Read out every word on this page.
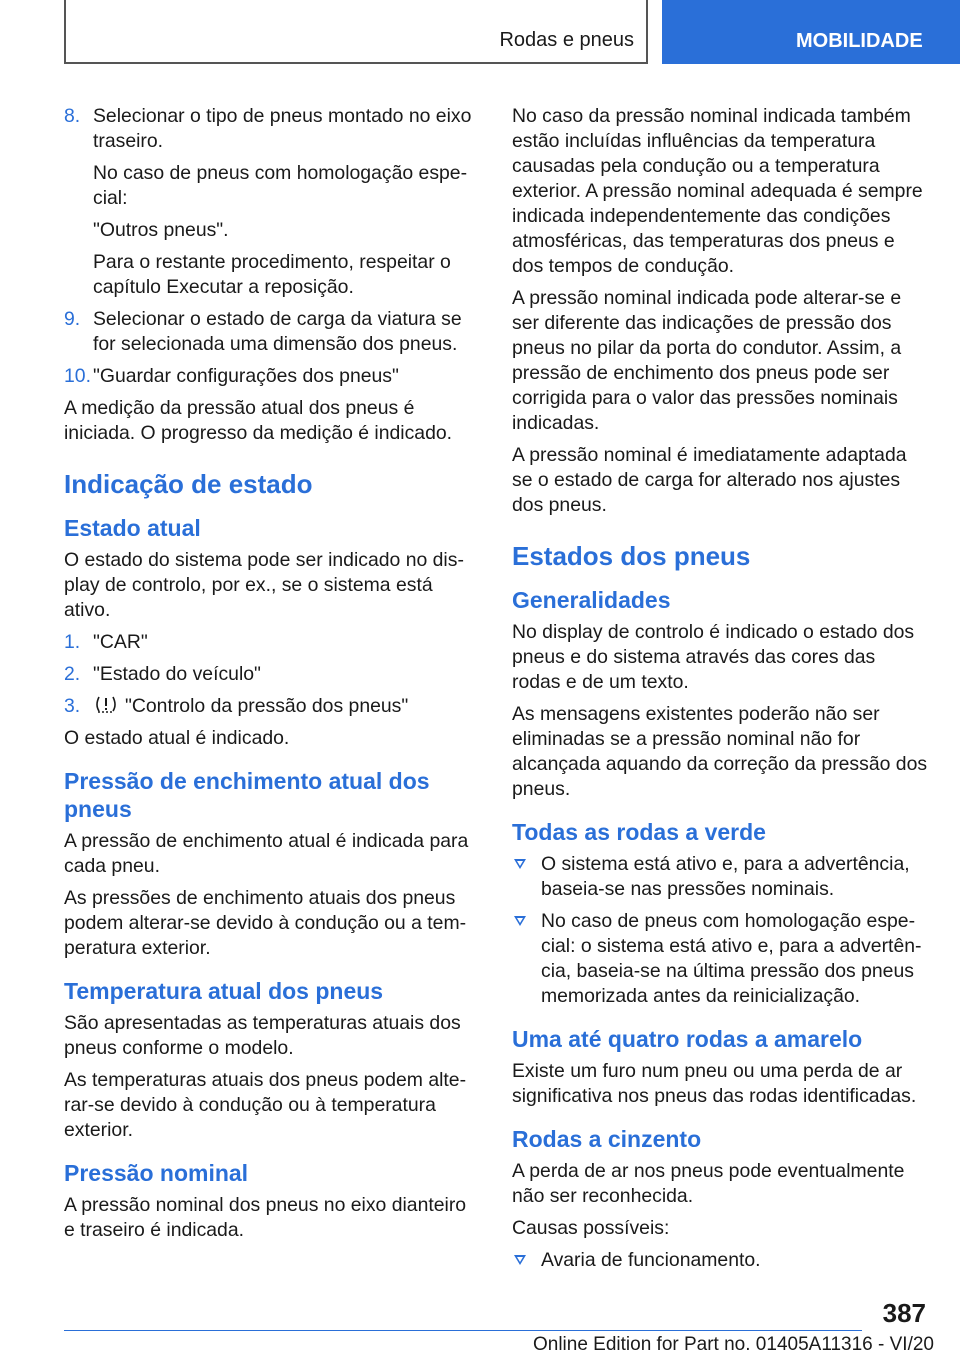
Rodas e pneus	MOBILIDADE
8. Selecionar o tipo de pneus montado no eixo traseiro.

No caso de pneus com homologação especial:

"Outros pneus".

Para o restante procedimento, respeitar o capítulo Executar a reposição.

9. Selecionar o estado de carga da viatura se for selecionada uma dimensão dos pneus.

10. "Guardar configurações dos pneus"

A medição da pressão atual dos pneus é iniciada. O progresso da medição é indicado.

Indicação de estado
Estado atual

O estado do sistema pode ser indicado no display de controlo, por ex., se o sistema está ativo.

1. "CAR"

2. "Estado do veículo"

3.	"Controlo da pressão dos pneus"

O estado atual é indicado.

Pressão de enchimento atual dos pneus

A pressão de enchimento atual é indicada para cada pneu.

As pressões de enchimento atuais dos pneus podem alterar-se devido à condução ou a temperatura exterior.

Temperatura atual dos pneus

São apresentadas as temperaturas atuais dos pneus conforme o modelo.

As temperaturas atuais dos pneus podem alterar-se devido à condução ou à temperatura exterior.

Pressão nominal

A pressão nominal dos pneus no eixo dianteiro e traseiro é indicada.

No caso da pressão nominal indicada também estão incluídas influências da temperatura causadas pela condução ou a temperatura exterior. A pressão nominal adequada é sempre indicada independentemente das condições atmosféricas, das temperaturas dos pneus e dos tempos de condução.

A pressão nominal indicada pode alterar-se e ser diferente das indicações de pressão dos pneus no pilar da porta do condutor. Assim, a pressão de enchimento dos pneus pode ser corrigida para o valor das pressões nominais indicadas.

A pressão nominal é imediatamente adaptada se o estado de carga for alterado nos ajustes dos pneus.

Estados dos pneus
Generalidades

No display de controlo é indicado o estado dos pneus e do sistema através das cores das rodas e de um texto.

As mensagens existentes poderão não ser eliminadas se a pressão nominal não for alcançada aquando da correção da pressão dos pneus.

Todas as rodas a verde
O sistema está ativo e, para a advertência, baseia-se nas pressões nominais.
No caso de pneus com homologação especial: o sistema está ativo e, para a advertência, baseia-se na última pressão dos pneus memorizada antes da reinicialização.
Uma até quatro rodas a amarelo

Existe um furo num pneu ou uma perda de ar significativa nos pneus das rodas identificadas.

Rodas a cinzento

A perda de ar nos pneus pode eventualmente não ser reconhecida.

Causas possíveis:

Avaria de funcionamento.
387
Online Edition for Part no. 01405A11316 - VI/20
